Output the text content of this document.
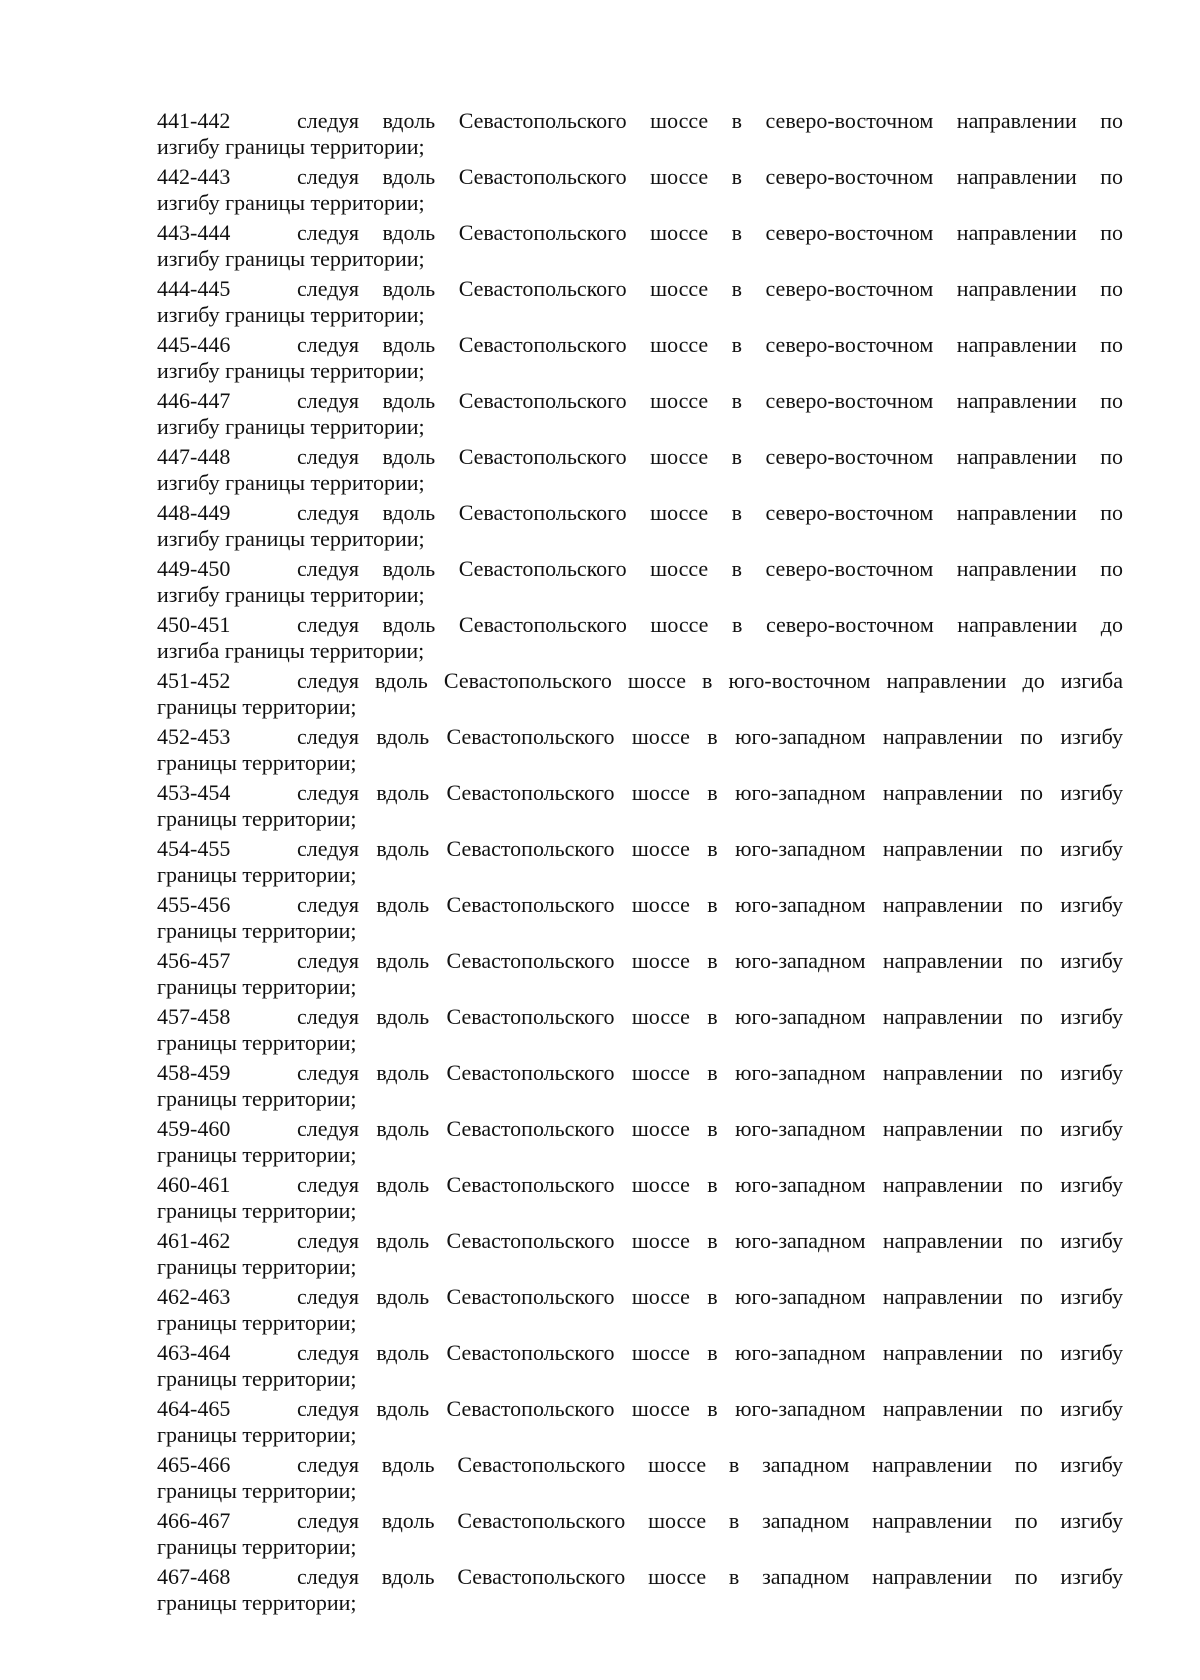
441-442	следуя вдоль Севастопольского шоссе в северо-восточном направлении по
изгибу границы территории;
442-443	следуя вдоль Севастопольского шоссе в северо-восточном направлении по
изгибу границы территории;
443-444	следуя вдоль Севастопольского шоссе в северо-восточном направлении по
изгибу границы территории;
444-445	следуя вдоль Севастопольского шоссе в северо-восточном направлении по
изгибу границы территории;
445-446	следуя вдоль Севастопольского шоссе в северо-восточном направлении по
изгибу границы территории;
446-447	следуя вдоль Севастопольского шоссе в северо-восточном направлении по
изгибу границы территории;
447-448	следуя вдоль Севастопольского шоссе в северо-восточном направлении по
изгибу границы территории;
448-449	следуя вдоль Севастопольского шоссе в северо-восточном направлении по
изгибу границы территории;
449-450	следуя вдоль Севастопольского шоссе в северо-восточном направлении по
изгибу границы территории;
450-451	следуя вдоль Севастопольского шоссе в северо-восточном направлении до
изгиба границы территории;
451-452	следуя вдоль Севастопольского шоссе в юго-восточном направлении до изгиба
границы территории;
452-453	следуя вдоль Севастопольского шоссе в юго-западном направлении по изгибу
границы территории;
453-454	следуя вдоль Севастопольского шоссе в юго-западном направлении по изгибу
границы территории;
454-455	следуя вдоль Севастопольского шоссе в юго-западном направлении по изгибу
границы территории;
455-456	следуя вдоль Севастопольского шоссе в юго-западном направлении по изгибу
границы территории;
456-457	следуя вдоль Севастопольского шоссе в юго-западном направлении по изгибу
границы территории;
457-458	следуя вдоль Севастопольского шоссе в юго-западном направлении по изгибу
границы территории;
458-459	следуя вдоль Севастопольского шоссе в юго-западном направлении по изгибу
границы территории;
459-460	следуя вдоль Севастопольского шоссе в юго-западном направлении по изгибу
границы территории;
460-461	следуя вдоль Севастопольского шоссе в юго-западном направлении по изгибу
границы территории;
461-462	следуя вдоль Севастопольского шоссе в юго-западном направлении по изгибу
границы территории;
462-463	следуя вдоль Севастопольского шоссе в юго-западном направлении по изгибу
границы территории;
463-464	следуя вдоль Севастопольского шоссе в юго-западном направлении по изгибу
границы территории;
464-465	следуя вдоль Севастопольского шоссе в юго-западном направлении по изгибу
границы территории;
465-466	следуя вдоль Севастопольского шоссе в западном направлении по изгибу
границы территории;
466-467	следуя вдоль Севастопольского шоссе в западном направлении по изгибу
границы территории;
467-468	следуя вдоль Севастопольского шоссе в западном направлении по изгибу
границы территории;
